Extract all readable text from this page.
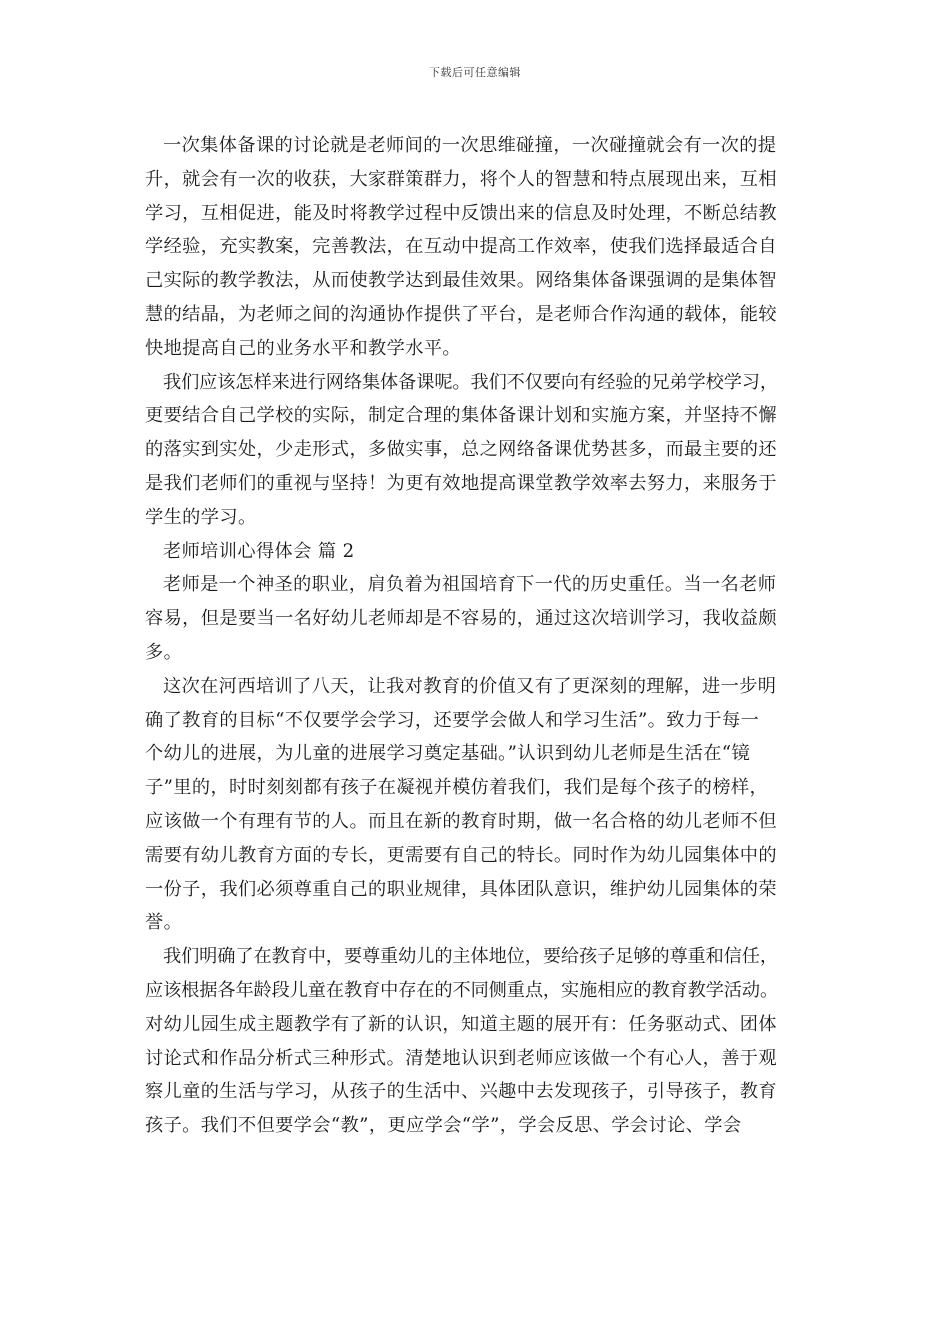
下载后可任意编辑
一次集体备课的讨论就是老师间的一次思维碰撞，一次碰撞就会有一次的提
升，就会有一次的收获，大家群策群力，将个人的智慧和特点展现出来，互相
学习，互相促进，能及时将教学过程中反馈出来的信息及时处理，不断总结教
学经验，充实教案，完善教法，在互动中提高工作效率，使我们选择最适合自
己实际的教学教法，从而使教学达到最佳效果。网络集体备课强调的是集体智
慧的结晶，为老师之间的沟通协作提供了平台，是老师合作沟通的载体，能较
快地提高自己的业务水平和教学水平。
我们应该怎样来进行网络集体备课呢。我们不仅要向有经验的兄弟学校学习，
更要结合自己学校的实际，制定合理的集体备课计划和实施方案，并坚持不懈
的落实到实处，少走形式，多做实事，总之网络备课优势甚多，而最主要的还
是我们老师们的重视与坚持！为更有效地提高课堂教学效率去努力，来服务于
学生的学习。
老师培训心得体会 篇 2
老师是一个神圣的职业，肩负着为祖国培育下一代的历史重任。当一名老师
容易，但是要当一名好幼儿老师却是不容易的，通过这次培训学习，我收益颇
多。
这次在河西培训了八天，让我对教育的价值又有了更深刻的理解，进一步明
确了教育的目标“不仅要学会学习，还要学会做人和学习生活”。致力于每一
个幼儿的进展，为儿童的进展学习奠定基础。”认识到幼儿老师是生活在“镜
子”里的，时时刻刻都有孩子在凝视并模仿着我们，我们是每个孩子的榜样，
应该做一个有理有节的人。而且在新的教育时期，做一名合格的幼儿老师不但
需要有幼儿教育方面的专长，更需要有自己的特长。同时作为幼儿园集体中的
一份子，我们必须尊重自己的职业规律，具体团队意识，维护幼儿园集体的荣
誉。
我们明确了在教育中，要尊重幼儿的主体地位，要给孩子足够的尊重和信任，
应该根据各年龄段儿童在教育中存在的不同侧重点，实施相应的教育教学活动。
对幼儿园生成主题教学有了新的认识，知道主题的展开有：任务驱动式、团体
讨论式和作品分析式三种形式。清楚地认识到老师应该做一个有心人，善于观
察儿童的生活与学习，从孩子的生活中、兴趣中去发现孩子，引导孩子，教育
孩子。我们不但要学会“教”，更应学会“学”，学会反思、学会讨论、学会
